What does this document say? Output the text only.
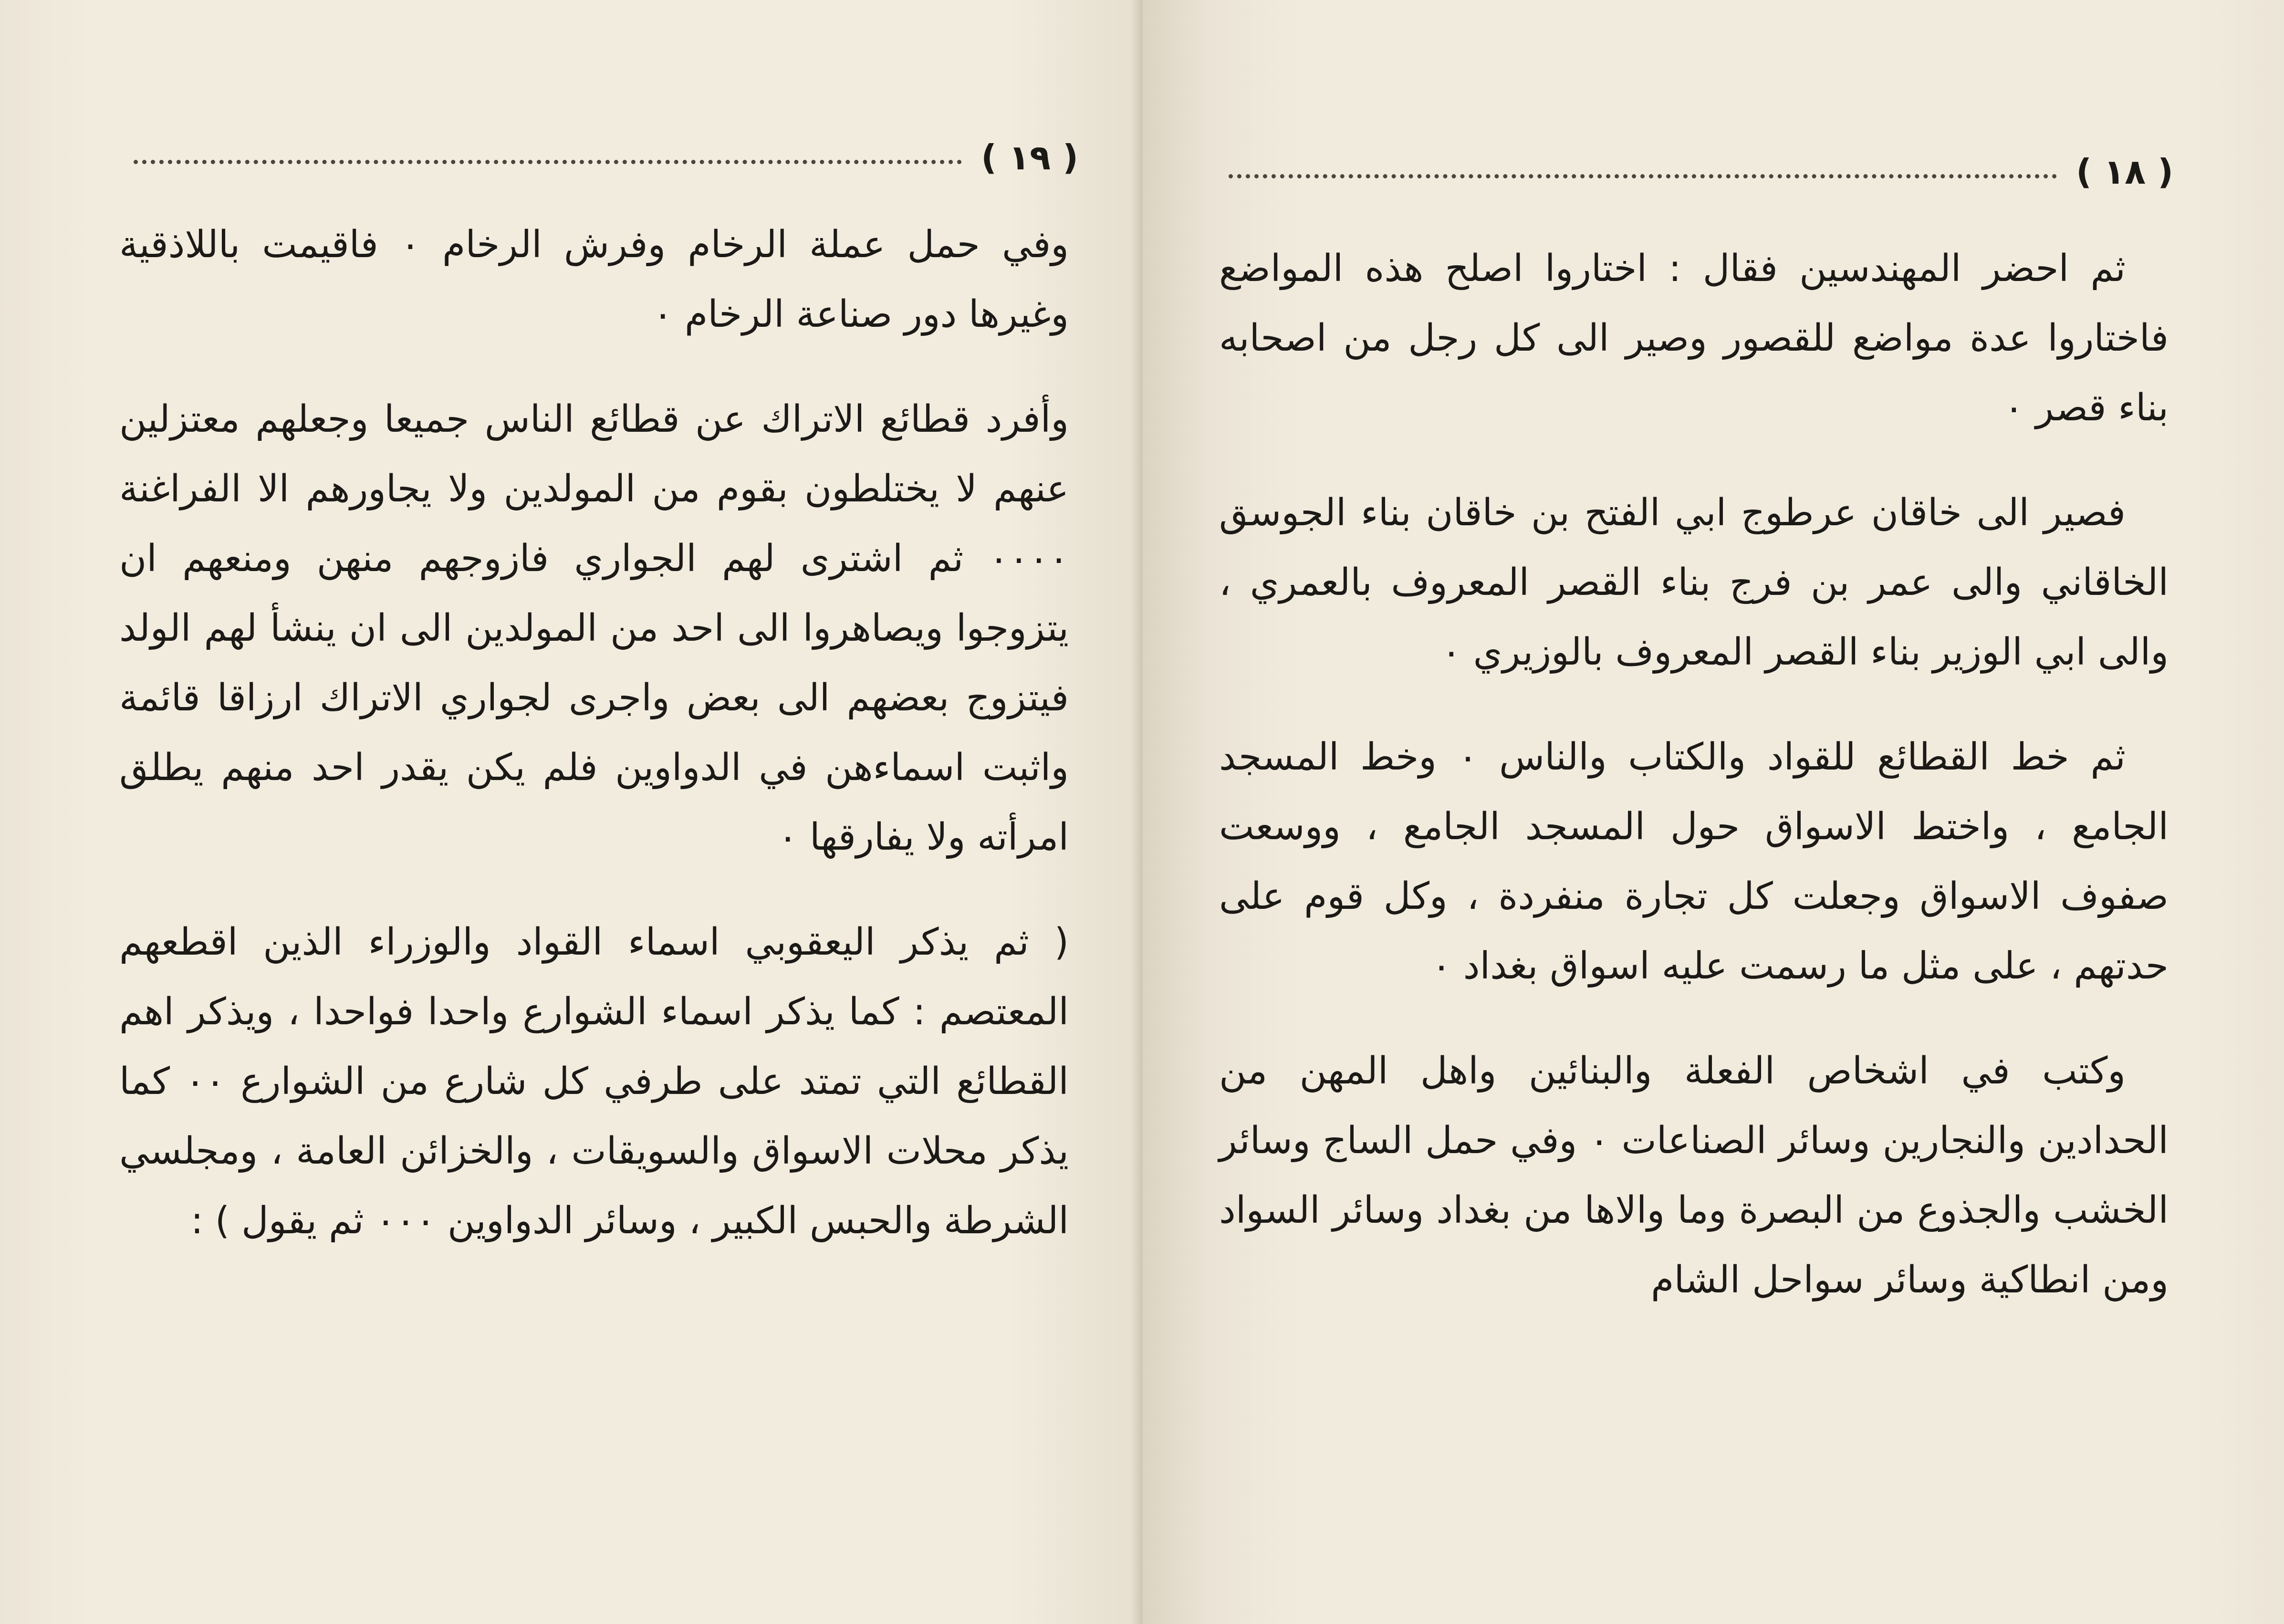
( ١٩ )

وفي حمل عملة الرخام وفرش الرخام ٠ فاقيمت باللاذقية وغيرها دور صناعة الرخام ٠

وأفرد قطائع الاتراك عن قطائع الناس جميعا وجعلهم معتزلين عنهم لا يختلطون بقوم من المولدين ولا يجاورهم الا الفراغنة ٠٠٠٠ ثم اشترى لهم الجواري فازوجهم منهن ومنعهم ان يتزوجوا ويصاهروا الى احد من المولدين الى ان ينشأ لهم الولد فيتزوج بعضهم الى بعض واجرى لجواري الاتراك ارزاقا قائمة واثبت اسماءهن في الدواوين فلم يكن يقدر احد منهم يطلق امرأته ولا يفارقها ٠

( ثم يذكر اليعقوبي اسماء القواد والوزراء الذين اقطعهم المعتصم : كما يذكر اسماء الشوارع واحدا فواحدا ، ويذكر اهم القطائع التي تمتد على طرفي كل شارع من الشوارع ٠٠ كما يذكر محلات الاسواق والسويقات ، والخزائن العامة ، ومجلسي الشرطة والحبس الكبير ، وسائر الدواوين ٠٠٠ ثم يقول ) :

( ١٨ )

ثم احضر المهندسين فقال : اختاروا اصلح هذه المواضع فاختاروا عدة مواضع للقصور وصير الى كل رجل من اصحابه بناء قصر ٠

فصير الى خاقان عرطوج ابي الفتح بن خاقان بناء الجوسق الخاقاني والى عمر بن فرج بناء القصر المعروف بالعمري ، والى ابي الوزير بناء القصر المعروف بالوزيري ٠

ثم خط القطائع للقواد والكتاب والناس ٠ وخط المسجد الجامع ، واختط الاسواق حول المسجد الجامع ، ووسعت صفوف الاسواق وجعلت كل تجارة منفردة ، وكل قوم على حدتهم ، على مثل ما رسمت عليه اسواق بغداد ٠

وكتب في اشخاص الفعلة والبنائين واهل المهن من الحدادين والنجارين وسائر الصناعات ٠ وفي حمل الساج وسائر الخشب والجذوع من البصرة وما والاها من بغداد وسائر السواد ومن انطاكية وسائر سواحل الشام
